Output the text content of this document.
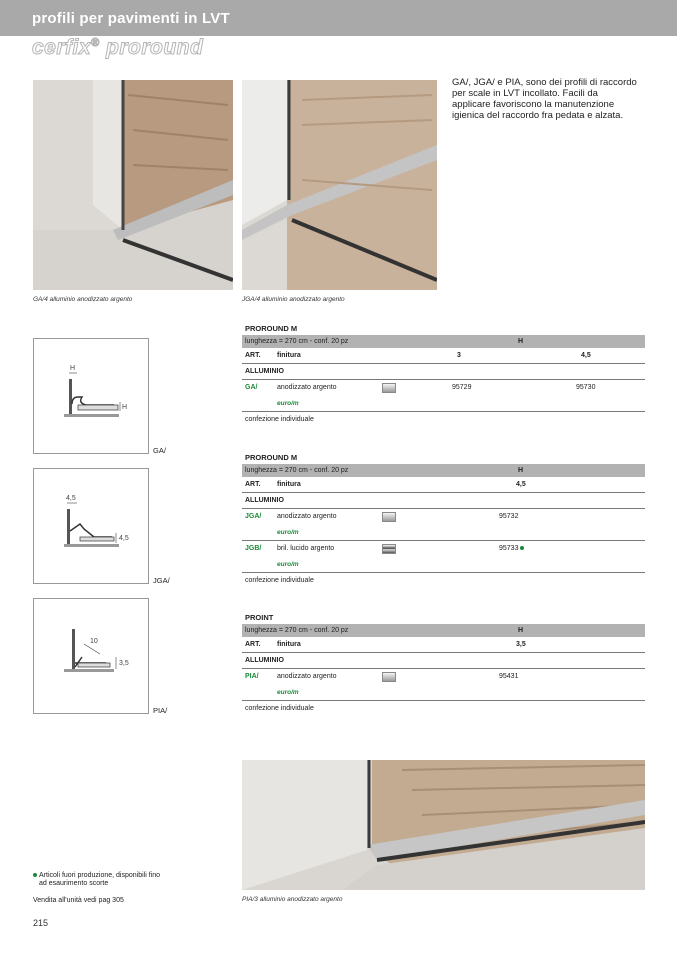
profili per pavimenti in LVT
cerfix® proround
GA/4 alluminio anodizzato argento	JGA/4 alluminio anodizzato argento
GA/, JGA/ e PIA, sono dei profili di raccordo per scale in LVT incollato. Facili da applicare favoriscono la manutenzione igienica del raccordo fra pedata e alzata.
H
H
GA/
4,5
4,5
JGA/
10
3,5
PIA/
PROROUND M
lunghezza = 270 cm - conf. 20 pz	H
ART. finitura	3	4,5
ALLUMINIO
GA/	anodizzato argento	95729	95730
euro/m
confezione individuale
PROROUND M
lunghezza = 270 cm - conf. 20 pz	H
ART. finitura	4,5
ALLUMINIO
JGA/ anodizzato argento	95732
euro/m
JGB/ bril. lucido argento	95733
euro/m
confezione individuale
PROINT
lunghezza = 270 cm - conf. 20 pz	H
ART. finitura	3,5
ALLUMINIO
PIA/	anodizzato argento	95431
euro/m
confezione individuale
PIA/3 alluminio anodizzato argento
Articoli fuori produzione, disponibili fino
ad esaurimento scorte
Vendita all'unità vedi pag 305
215
